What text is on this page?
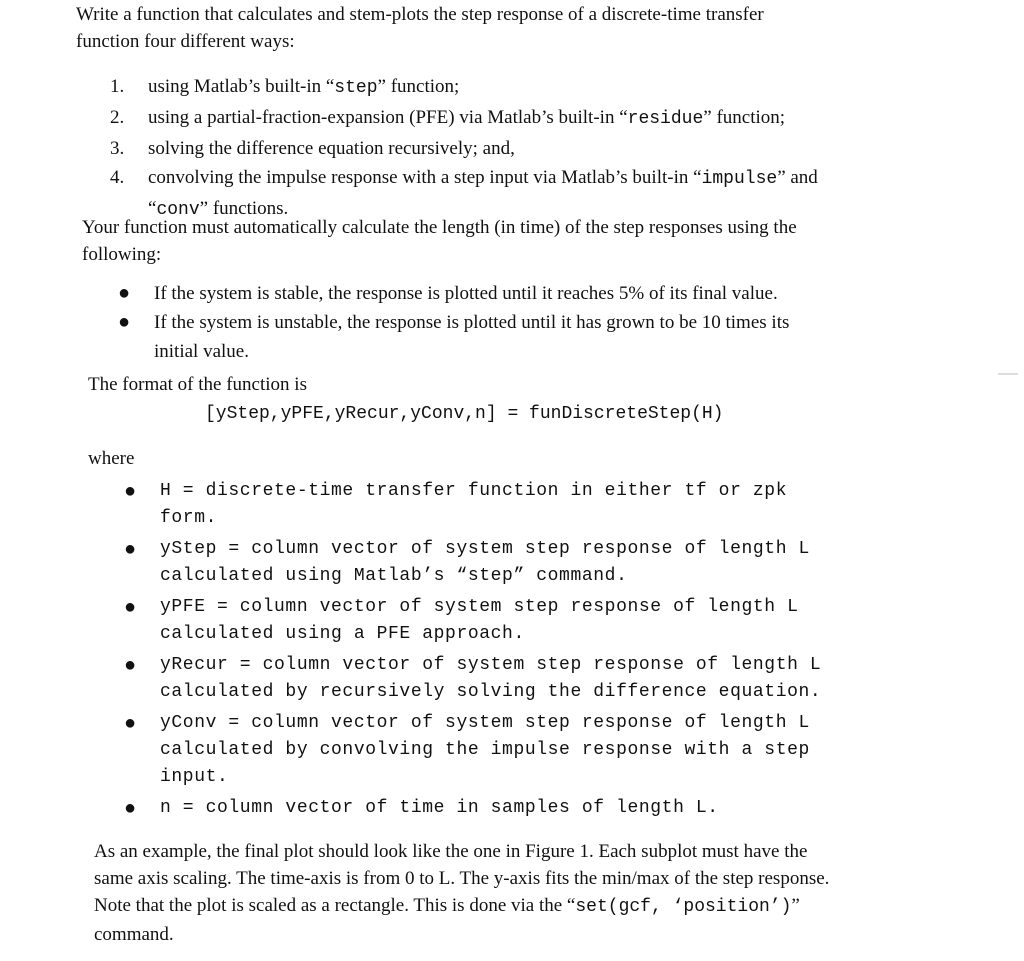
Write a function that calculates and stem-plots the step response of a discrete-time transfer

function four different ways:

1. using Matlab’s built-in “step” function;
2. using a partial-fraction-expansion (PFE) via Matlab’s built-in “residue” function;
3. solving the difference equation recursively; and,
4. convolving the impulse response with a step input via Matlab’s built-in “impulse” and
“conv” functions.

Your function must automatically calculate the length (in time) of the step responses using the

following:

● If the system is stable, the response is plotted until it reaches 5% of its final value.
● If the system is unstable, the response is plotted until it has grown to be 10 times its
initial value.
The format of the function is
[yStep,yPFE,yRecur,yConv,n] = funDiscreteStep(H)
where
● H = discrete-time transfer function in either tf or zpk
form.
● yStep = column vector of system step response of length L
calculated using Matlab’s “step” command.
● yPFE = column vector of system step response of length L
calculated using a PFE approach.
● yRecur = column vector of system step response of length L
calculated by recursively solving the difference equation.
● yConv = column vector of system step response of length L
calculated by convolving the impulse response with a step
input.
● n = column vector of time in samples of length L.

As an example, the final plot should look like the one in Figure 1. Each subplot must have the

same axis scaling. The time-axis is from 0 to L. The y-axis fits the min/max of the step response.

Note that the plot is scaled as a rectangle. This is done via the “set(gcf, ‘position’)”

command.
